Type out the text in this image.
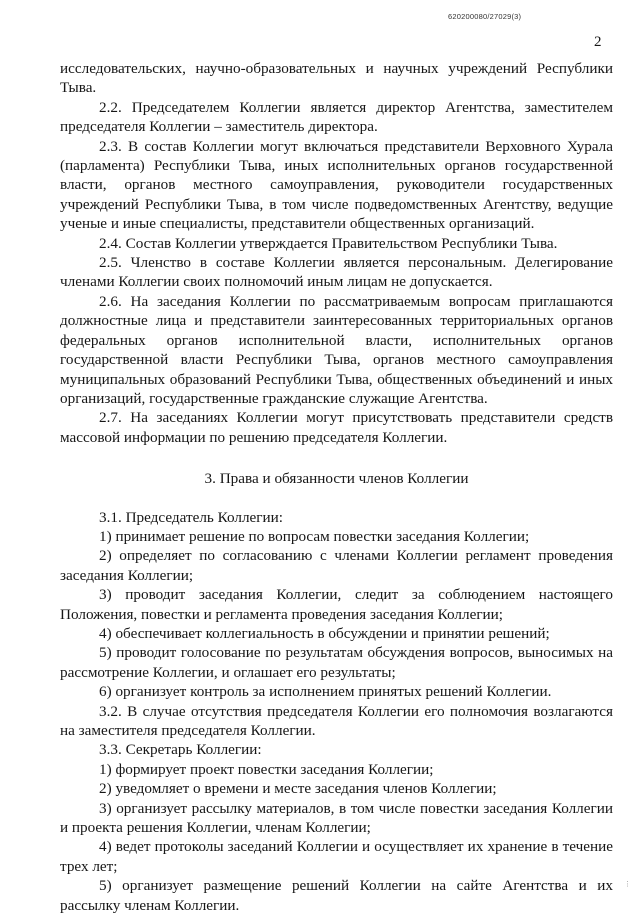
620200080/27029(3)
2

исследовательских, научно-образовательных и научных учреждений Республики Тыва.

2.2. Председателем Коллегии является директор Агентства, заместителем председателя Коллегии – заместитель директора.

2.3. В состав Коллегии могут включаться представители Верховного Хурала (парламента) Республики Тыва, иных исполнительных органов государственной власти, органов местного самоуправления, руководители государственных учреждений Республики Тыва, в том числе подведомственных Агентству, ведущие ученые и иные специалисты, представители общественных организаций.

2.4. Состав Коллегии утверждается Правительством Республики Тыва.

2.5. Членство в составе Коллегии является персональным. Делегирование членами Коллегии своих полномочий иным лицам не допускается.

2.6. На заседания Коллегии по рассматриваемым вопросам приглашаются должностные лица и представители заинтересованных территориальных органов федеральных органов исполнительной власти, исполнительных органов государственной власти Республики Тыва, органов местного самоуправления муниципальных образований Республики Тыва, общественных объединений и иных организаций, государственные гражданские служащие Агентства.

2.7. На заседаниях Коллегии могут присутствовать представители средств массовой информации по решению председателя Коллегии.

3. Права и обязанности членов Коллегии

3.1. Председатель Коллегии:

1) принимает решение по вопросам повестки заседания Коллегии;

2) определяет по согласованию с членами Коллегии регламент проведения заседания Коллегии;

3) проводит заседания Коллегии, следит за соблюдением настоящего Положения, повестки и регламента проведения заседания Коллегии;

4) обеспечивает коллегиальность в обсуждении и принятии решений;

5) проводит голосование по результатам обсуждения вопросов, выносимых на рассмотрение Коллегии, и оглашает его результаты;

6) организует контроль за исполнением принятых решений Коллегии.

3.2. В случае отсутствия председателя Коллегии его полномочия возлагаются на заместителя председателя Коллегии.

3.3. Секретарь Коллегии:

1) формирует проект повестки заседания Коллегии;

2) уведомляет о времени и месте заседания членов Коллегии;

3) организует рассылку материалов, в том числе повестки заседания Коллегии и проекта решения Коллегии, членам Коллегии;

4) ведет протоколы заседаний Коллегии и осуществляет их хранение в течение трех лет;

5) организует размещение решений Коллегии на сайте Агентства и их рассылку членам Коллегии.

⋮
